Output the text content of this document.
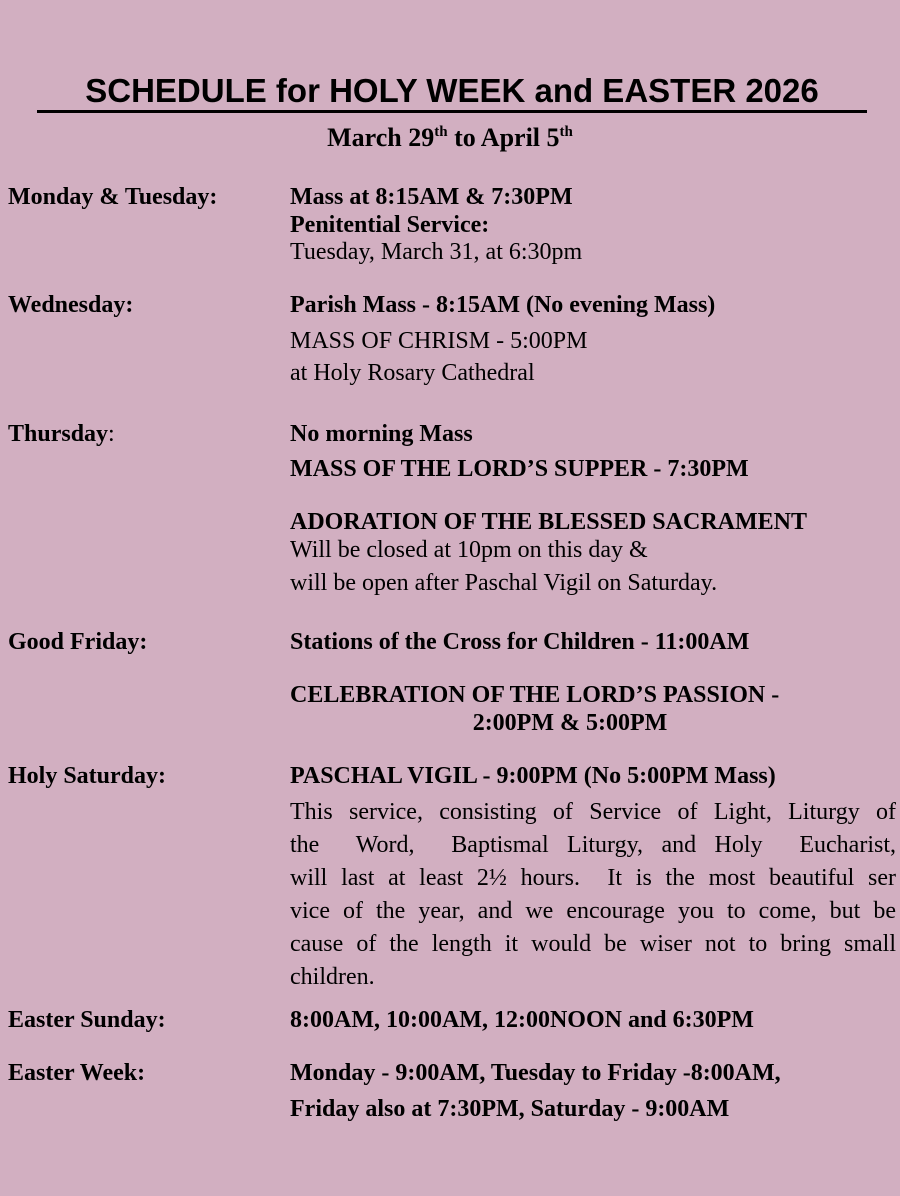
SCHEDULE for HOLY WEEK and EASTER 2026
March 29th to April 5th
Monday & Tuesday:	Mass at 8:15AM & 7:30PM
Penitential Service:
Tuesday, March 31, at 6:30pm
Wednesday:	Parish Mass - 8:15AM (No evening Mass)
MASS OF CHRISM - 5:00PM
at Holy Rosary Cathedral
Thursday:	No morning Mass
MASS OF THE LORD’S SUPPER - 7:30PM
ADORATION OF THE BLESSED SACRAMENT
Will be closed at 10pm on this day &
will be open after Paschal Vigil on Saturday.
Good Friday:	Stations of the Cross for Children - 11:00AM
CELEBRATION OF THE LORD’S PASSION -
2:00PM & 5:00PM
Holy Saturday:	PASCHAL VIGIL - 9:00PM (No 5:00PM Mass)
This service, consisting of Service of Light, Liturgy of
the  Word,  Baptismal Liturgy, and Holy  Eucharist,
will last at least 2½ hours.  It is the most beautiful ser
vice of the year, and we encourage you to come, but be
cause of the length it would be wiser not to bring small
children.
Easter Sunday:	8:00AM, 10:00AM, 12:00NOON and 6:30PM
Easter Week:	Monday - 9:00AM, Tuesday to Friday -8:00AM,
Friday also at 7:30PM, Saturday - 9:00AM
